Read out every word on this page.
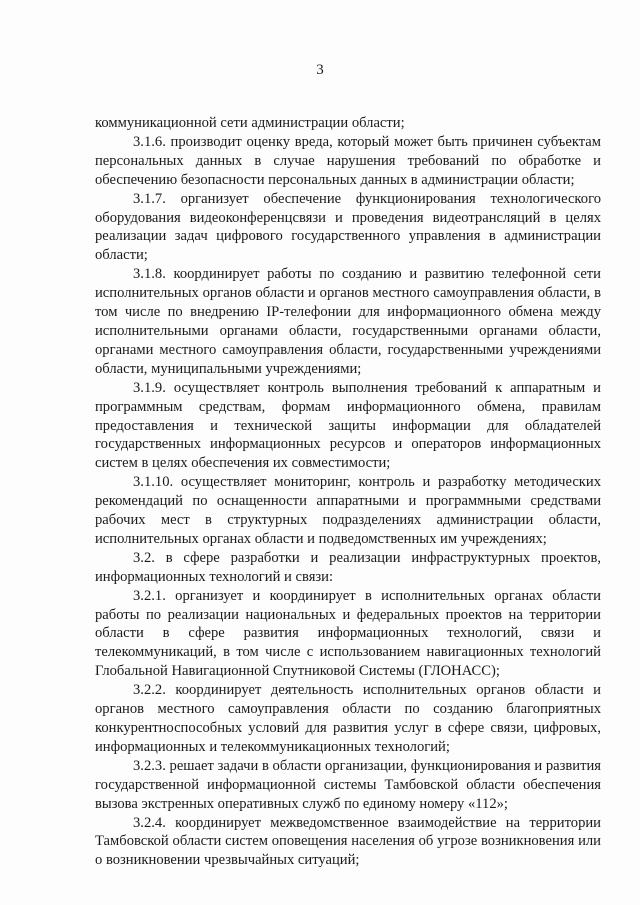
3

коммуникационной сети администрации области;

3.1.6. производит оценку вреда, который может быть причинен субъектам персональных данных в случае нарушения требований по обработке и обеспечению безопасности персональных данных в администрации области;

3.1.7. организует обеспечение функционирования технологического оборудования видеоконференцсвязи и проведения видеотрансляций в целях реализации задач цифрового государственного управления в администрации области;

3.1.8. координирует работы по созданию и развитию телефонной сети исполнительных органов области и органов местного самоуправления области, в том числе по внедрению IP-телефонии для информационного обмена между исполнительными органами области, государственными органами области, органами местного самоуправления области, государственными учреждениями области, муниципальными учреждениями;

3.1.9. осуществляет контроль выполнения требований к аппаратным и программным средствам, формам информационного обмена, правилам предоставления и технической защиты информации для обладателей государственных информационных ресурсов и операторов информационных систем в целях обеспечения их совместимости;

3.1.10. осуществляет мониторинг, контроль и разработку методических рекомендаций по оснащенности аппаратными и программными средствами рабочих мест в структурных подразделениях администрации области, исполнительных органах области и подведомственных им учреждениях;

3.2. в сфере разработки и реализации инфраструктурных проектов, информационных технологий и связи:

3.2.1. организует и координирует в исполнительных органах области работы по реализации национальных и федеральных проектов на территории области в сфере развития информационных технологий, связи и телекоммуникаций, в том числе с использованием навигационных технологий Глобальной Навигационной Спутниковой Системы (ГЛОНАСС);

3.2.2. координирует деятельность исполнительных органов области и органов местного самоуправления области по созданию благоприятных конкурентноспособных условий для развития услуг в сфере связи, цифровых, информационных и телекоммуникационных технологий;

3.2.3. решает задачи в области организации, функционирования и развития государственной информационной системы Тамбовской области обеспечения вызова экстренных оперативных служб по единому номеру «112»;

3.2.4. координирует межведомственное взаимодействие на территории Тамбовской области систем оповещения населения об угрозе возникновения или о возникновении чрезвычайных ситуаций;
